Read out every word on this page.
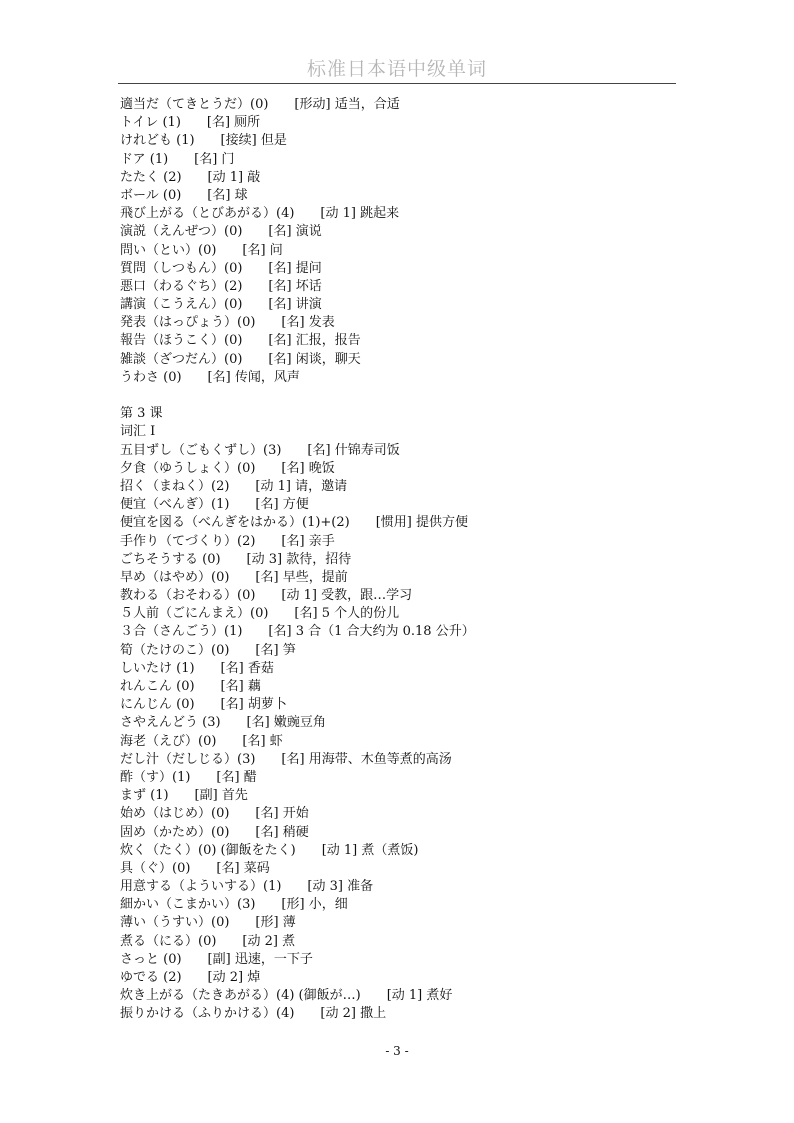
标准日本语中级单词
適当だ（てきとうだ）(0)　　[形动] 适当，合适
トイレ (1)　　[名] 厕所
けれども (1)　　[接续] 但是
ドア (1)　　[名] 门
たたく (2)　　[动 1] 敲
ボール (0)　　[名] 球
飛び上がる（とびあがる）(4)　　[动 1] 跳起来
演説（えんぜつ）(0)　　[名] 演说
問い（とい）(0)　　[名] 问
質問（しつもん）(0)　　[名] 提问
悪口（わるぐち）(2)　　[名] 坏话
講演（こうえん）(0)　　[名] 讲演
発表（はっぴょう）(0)　　[名] 发表
報告（ほうこく）(0)　　[名] 汇报，报告
雑談（ざつだん）(0)　　[名] 闲谈，聊天
うわさ (0)　　[名] 传闻，风声
第 3 课
词汇 I
五目ずし（ごもくずし）(3)　　[名] 什锦寿司饭
夕食（ゆうしょく）(0)　　[名] 晚饭
招く（まねく）(2)　　[动 1] 请，邀请
便宜（べんぎ）(1)　　[名] 方便
便宜を図る（べんぎをはかる）(1)+(2)　　[惯用] 提供方便
手作り（てづくり）(2)　　[名] 亲手
ごちそうする (0)　　[动 3] 款待，招待
早め（はやめ）(0)　　[名] 早些，提前
教わる（おそわる）(0)　　[动 1] 受教，跟…学习
５人前（ごにんまえ）(0)　　[名] 5 个人的份儿
３合（さんごう）(1)　　[名] 3 合（1 合大约为 0.18 公升）
筍（たけのこ）(0)　　[名] 笋
しいたけ (1)　　[名] 香菇
れんこん (0)　　[名] 藕
にんじん (0)　　[名] 胡萝卜
さやえんどう (3)　　[名] 嫩豌豆角
海老（えび）(0)　　[名] 虾
だし汁（だしじる）(3)　　[名] 用海带、木鱼等煮的高汤
酢（す）(1)　　[名] 醋
まず (1)　　[副] 首先
始め（はじめ）(0)　　[名] 开始
固め（かため）(0)　　[名] 稍硬
炊く（たく）(0) (御飯をたく)　　[动 1] 煮（煮饭)
具（ぐ）(0)　　[名] 菜码
用意する（よういする）(1)　　[动 3] 准备
細かい（こまかい）(3)　　[形] 小，细
薄い（うすい）(0)　　[形] 薄
煮る（にる）(0)　　[动 2] 煮
さっと (0)　　[副] 迅速，一下子
ゆでる (2)　　[动 2] 焯
炊き上がる（たきあがる）(4) (御飯が…)　　[动 1] 煮好
振りかける（ふりかける）(4)　　[动 2] 撒上
- 3 -
